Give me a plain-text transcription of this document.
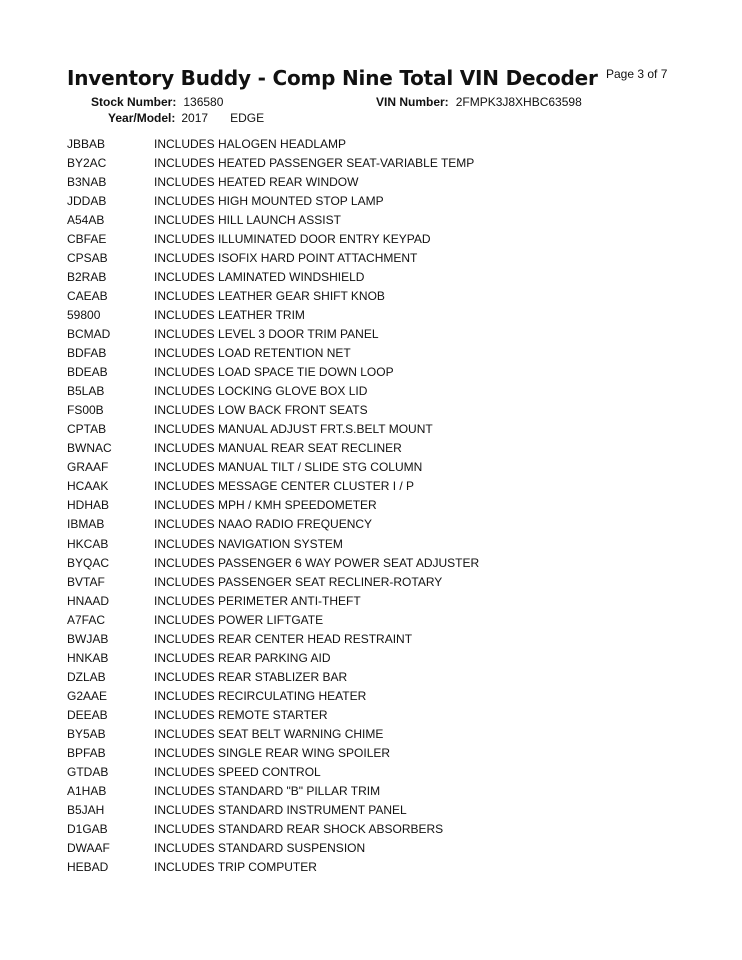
Inventory Buddy - Comp Nine Total VIN Decoder Page 3 of 7
Stock Number: 136580	VIN Number: 2FMPK3J8XHBC63598
Year/Model: 2017 EDGE
JBBAB	INCLUDES HALOGEN HEADLAMP
BY2AC	INCLUDES HEATED PASSENGER SEAT-VARIABLE TEMP
B3NAB	INCLUDES HEATED REAR WINDOW
JDDAB	INCLUDES HIGH MOUNTED STOP LAMP
A54AB	INCLUDES HILL LAUNCH ASSIST
CBFAE	INCLUDES ILLUMINATED DOOR ENTRY KEYPAD
CPSAB	INCLUDES ISOFIX HARD POINT ATTACHMENT
B2RAB	INCLUDES LAMINATED WINDSHIELD
CAEAB	INCLUDES LEATHER GEAR SHIFT KNOB
59800	INCLUDES LEATHER TRIM
BCMAD	INCLUDES LEVEL 3 DOOR TRIM PANEL
BDFAB	INCLUDES LOAD RETENTION NET
BDEAB	INCLUDES LOAD SPACE TIE DOWN LOOP
B5LAB	INCLUDES LOCKING GLOVE BOX LID
FS00B	INCLUDES LOW BACK FRONT SEATS
CPTAB	INCLUDES MANUAL ADJUST FRT.S.BELT MOUNT
BWNAC	INCLUDES MANUAL REAR SEAT RECLINER
GRAAF	INCLUDES MANUAL TILT / SLIDE STG COLUMN
HCAAK	INCLUDES MESSAGE CENTER CLUSTER I / P
HDHAB	INCLUDES MPH / KMH SPEEDOMETER
IBMAB	INCLUDES NAAO RADIO FREQUENCY
HKCAB	INCLUDES NAVIGATION SYSTEM
BYQAC	INCLUDES PASSENGER 6 WAY POWER SEAT ADJUSTER
BVTAF	INCLUDES PASSENGER SEAT RECLINER-ROTARY
HNAAD	INCLUDES PERIMETER ANTI-THEFT
A7FAC	INCLUDES POWER LIFTGATE
BWJAB	INCLUDES REAR CENTER HEAD RESTRAINT
HNKAB	INCLUDES REAR PARKING AID
DZLAB	INCLUDES REAR STABLIZER BAR
G2AAE	INCLUDES RECIRCULATING HEATER
DEEAB	INCLUDES REMOTE STARTER
BY5AB	INCLUDES SEAT BELT WARNING CHIME
BPFAB	INCLUDES SINGLE REAR WING SPOILER
GTDAB	INCLUDES SPEED CONTROL
A1HAB	INCLUDES STANDARD "B" PILLAR TRIM
B5JAH	INCLUDES STANDARD INSTRUMENT PANEL
D1GAB	INCLUDES STANDARD REAR SHOCK ABSORBERS
DWAAF	INCLUDES STANDARD SUSPENSION
HEBAD	INCLUDES TRIP COMPUTER
